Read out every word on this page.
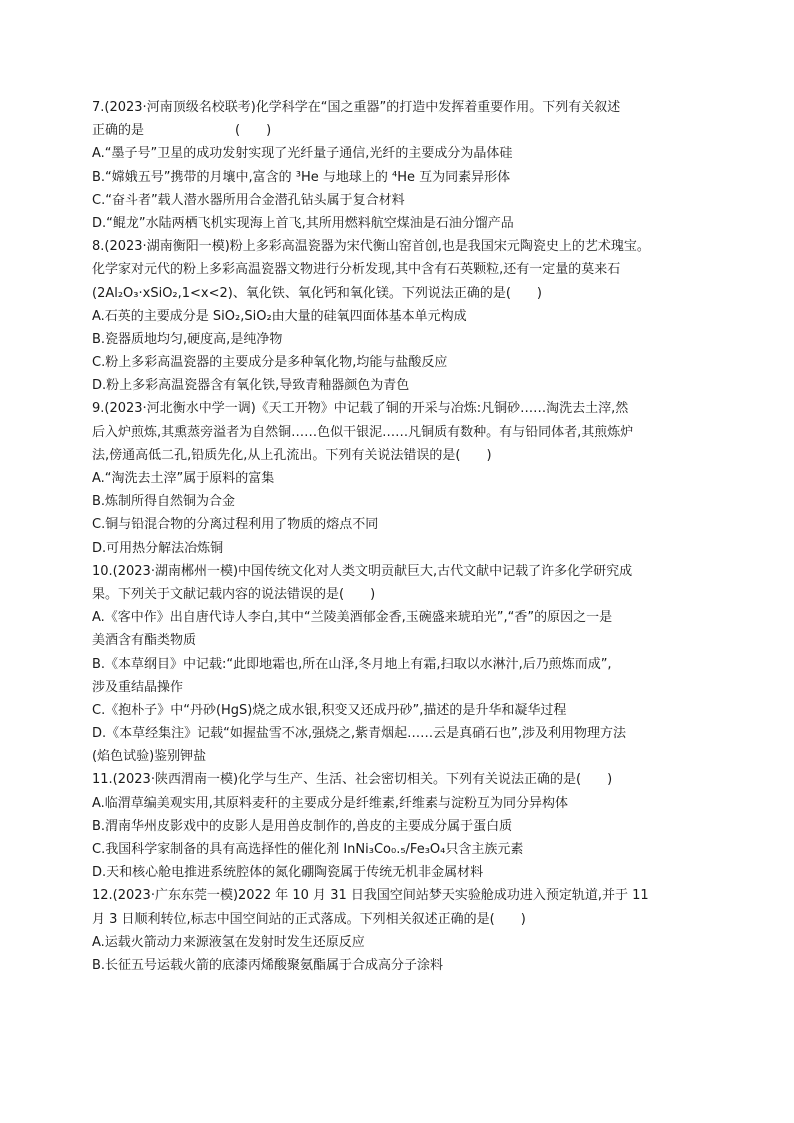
7.(2023·河南顶级名校联考)化学科学在“国之重器”的打造中发挥着重要作用。下列有关叙述
正确的是　　　　　　　(　　)
A.“墨子号”卫星的成功发射实现了光纤量子通信,光纤的主要成分为晶体硅
B.“嫦娥五号”携带的月壤中,富含的 ³He 与地球上的 ⁴He 互为同素异形体
C.“奋斗者”载人潜水器所用合金潜孔钻头属于复合材料
D.“鲲龙”水陆两栖飞机实现海上首飞,其所用燃料航空煤油是石油分馏产品
8.(2023·湖南衡阳一模)粉上多彩高温瓷器为宋代衡山窑首创,也是我国宋元陶瓷史上的艺术瑰宝。
化学家对元代的粉上多彩高温瓷器文物进行分析发现,其中含有石英颗粒,还有一定量的莫来石
(2Al₂O₃·xSiO₂,1<x<2)、氧化铁、氧化钙和氧化镁。下列说法正确的是(　　)
A.石英的主要成分是 SiO₂,SiO₂由大量的硅氧四面体基本单元构成
B.瓷器质地均匀,硬度高,是纯净物
C.粉上多彩高温瓷器的主要成分是多种氧化物,均能与盐酸反应
D.粉上多彩高温瓷器含有氧化铁,导致青釉器颜色为青色
9.(2023·河北衡水中学一调)《天工开物》中记载了铜的开采与冶炼:凡铜砂……淘洗去土滓,然
后入炉煎炼,其熏蒸旁溢者为自然铜……色似干银泥……凡铜质有数种。有与铅同体者,其煎炼炉
法,傍通高低二孔,铅质先化,从上孔流出。下列有关说法错误的是(　　)
A.“淘洗去土滓”属于原料的富集
B.炼制所得自然铜为合金
C.铜与铅混合物的分离过程利用了物质的熔点不同
D.可用热分解法冶炼铜
10.(2023·湖南郴州一模)中国传统文化对人类文明贡献巨大,古代文献中记载了许多化学研究成
果。下列关于文献记载内容的说法错误的是(　　)
A.《客中作》出自唐代诗人李白,其中“兰陵美酒郁金香,玉碗盛来琥珀光”,“香”的原因之一是
美酒含有酯类物质
B.《本草纲目》中记载:“此即地霜也,所在山泽,冬月地上有霜,扫取以水淋汁,后乃煎炼而成”,
涉及重结晶操作
C.《抱朴子》中“丹砂(HgS)烧之成水银,积变又还成丹砂”,描述的是升华和凝华过程
D.《本草经集注》记载“如握盐雪不冰,强烧之,紫青烟起……云是真硝石也”,涉及利用物理方法
(焰色试验)鉴别钾盐
11.(2023·陕西渭南一模)化学与生产、生活、社会密切相关。下列有关说法正确的是(　　)
A.临渭草编美观实用,其原料麦秆的主要成分是纤维素,纤维素与淀粉互为同分异构体
B.渭南华州皮影戏中的皮影人是用兽皮制作的,兽皮的主要成分属于蛋白质
C.我国科学家制备的具有高选择性的催化剂 InNi₃Co₀.₅/Fe₃O₄只含主族元素
D.天和核心舱电推进系统腔体的氮化硼陶瓷属于传统无机非金属材料
12.(2023·广东东莞一模)2022 年 10 月 31 日我国空间站梦天实验舱成功进入预定轨道,并于 11
月 3 日顺利转位,标志中国空间站的正式落成。下列相关叙述正确的是(　　)
A.运载火箭动力来源液氢在发射时发生还原反应
B.长征五号运载火箭的底漆丙烯酸聚氨酯属于合成高分子涂料
